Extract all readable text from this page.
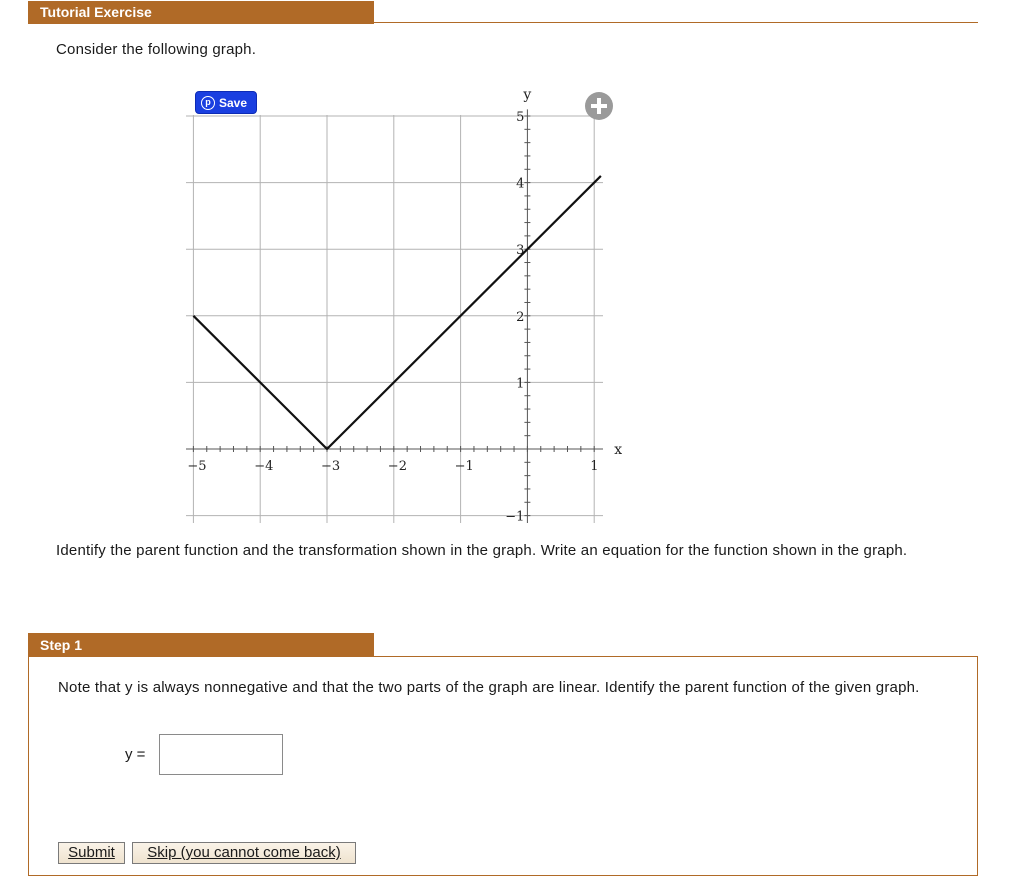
Tutorial Exercise
Consider the following graph.
−5	−4	−3	−2	−1	1
5
4
3
2
1
−1
x
y
p Save
Identify the parent function and the transformation shown in the graph. Write an equation for the function shown in the graph.
Step 1
Note that y is always nonnegative and that the two parts of the graph are linear. Identify the parent function of the given graph.
y =
Submit	Skip (you cannot come back)
